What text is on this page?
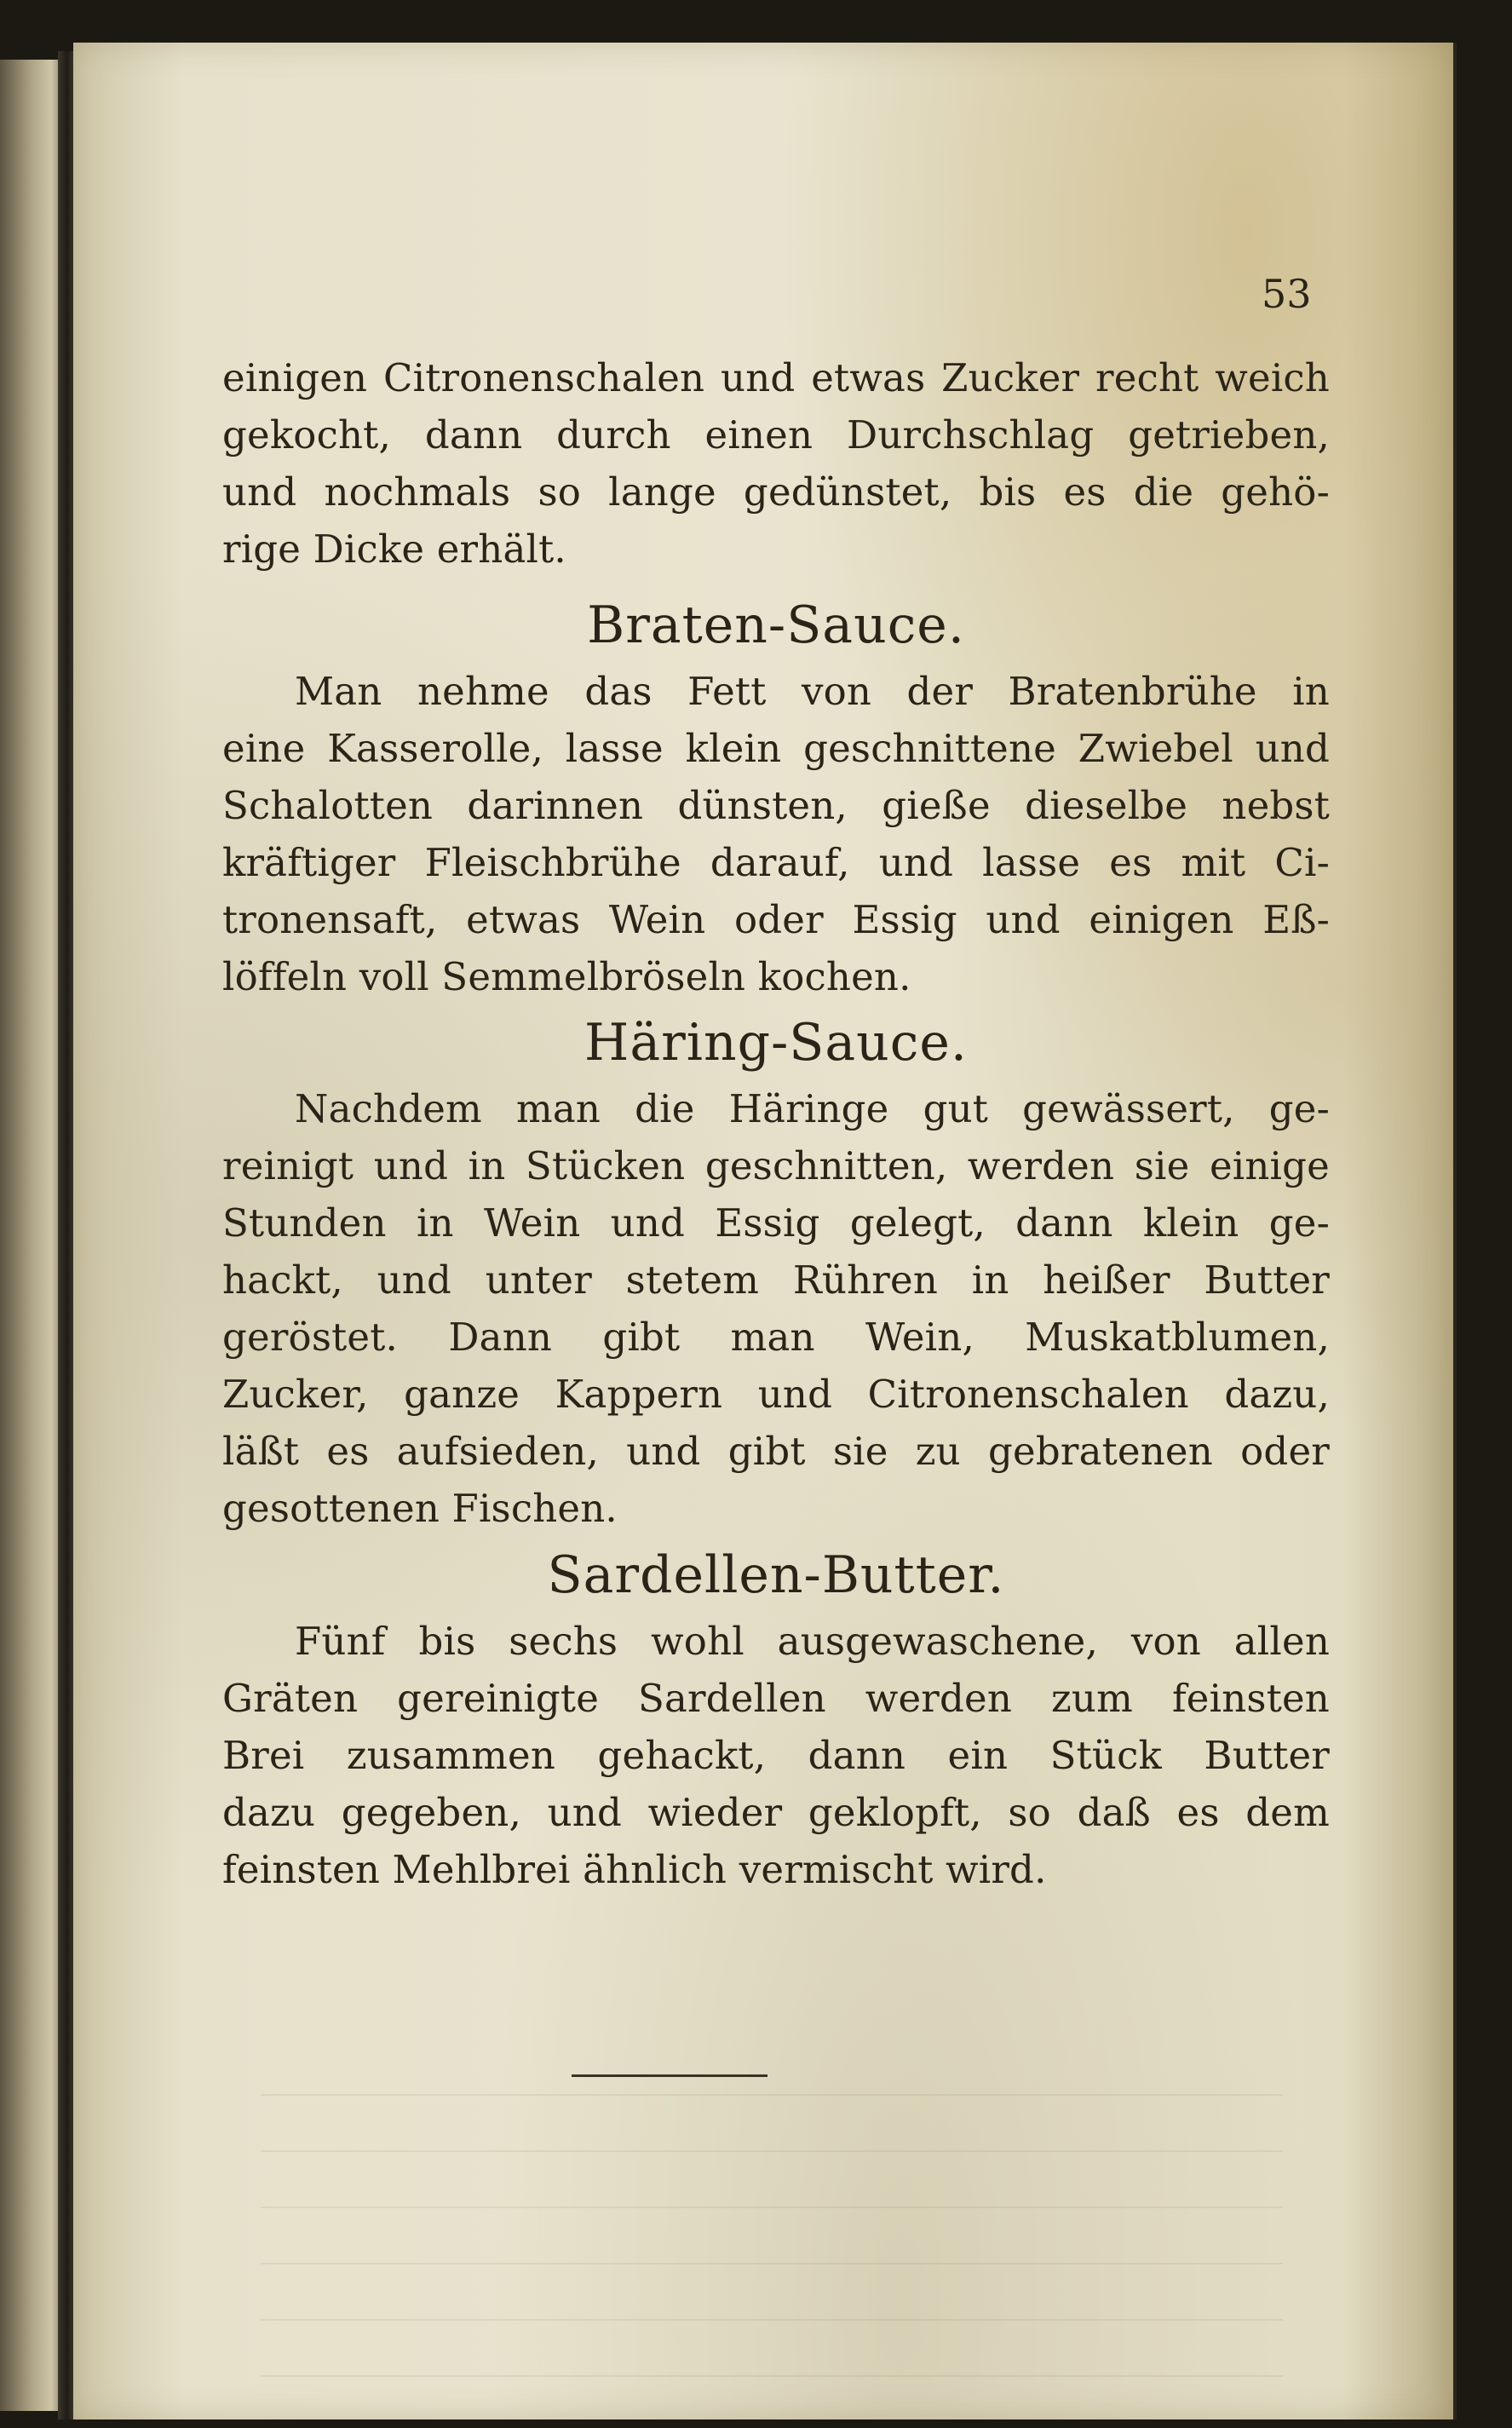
53
einigen Citronenschalen und etwas Zucker recht weich
gekocht, dann durch einen Durchschlag getrieben,
und nochmals so lange gedünstet, bis es die gehö-
rige Dicke erhält.
Braten-Sauce.
Man nehme das Fett von der Bratenbrühe in
eine Kasserolle, lasse klein geschnittene Zwiebel und
Schalotten darinnen dünsten, gieße dieselbe nebst
kräftiger Fleischbrühe darauf, und lasse es mit Ci-
tronensaft, etwas Wein oder Essig und einigen Eß-
löffeln voll Semmelbröseln kochen.
Häring-Sauce.
Nachdem man die Häringe gut gewässert, ge-
reinigt und in Stücken geschnitten, werden sie einige
Stunden in Wein und Essig gelegt, dann klein ge-
hackt, und unter stetem Rühren in heißer Butter
geröstet. Dann gibt man Wein, Muskatblumen,
Zucker, ganze Kappern und Citronenschalen dazu,
läßt es aufsieden, und gibt sie zu gebratenen oder
gesottenen Fischen.
Sardellen-Butter.
Fünf bis sechs wohl ausgewaschene, von allen
Gräten gereinigte Sardellen werden zum feinsten
Brei zusammen gehackt, dann ein Stück Butter
dazu gegeben, und wieder geklopft, so daß es dem
feinsten Mehlbrei ähnlich vermischt wird.
